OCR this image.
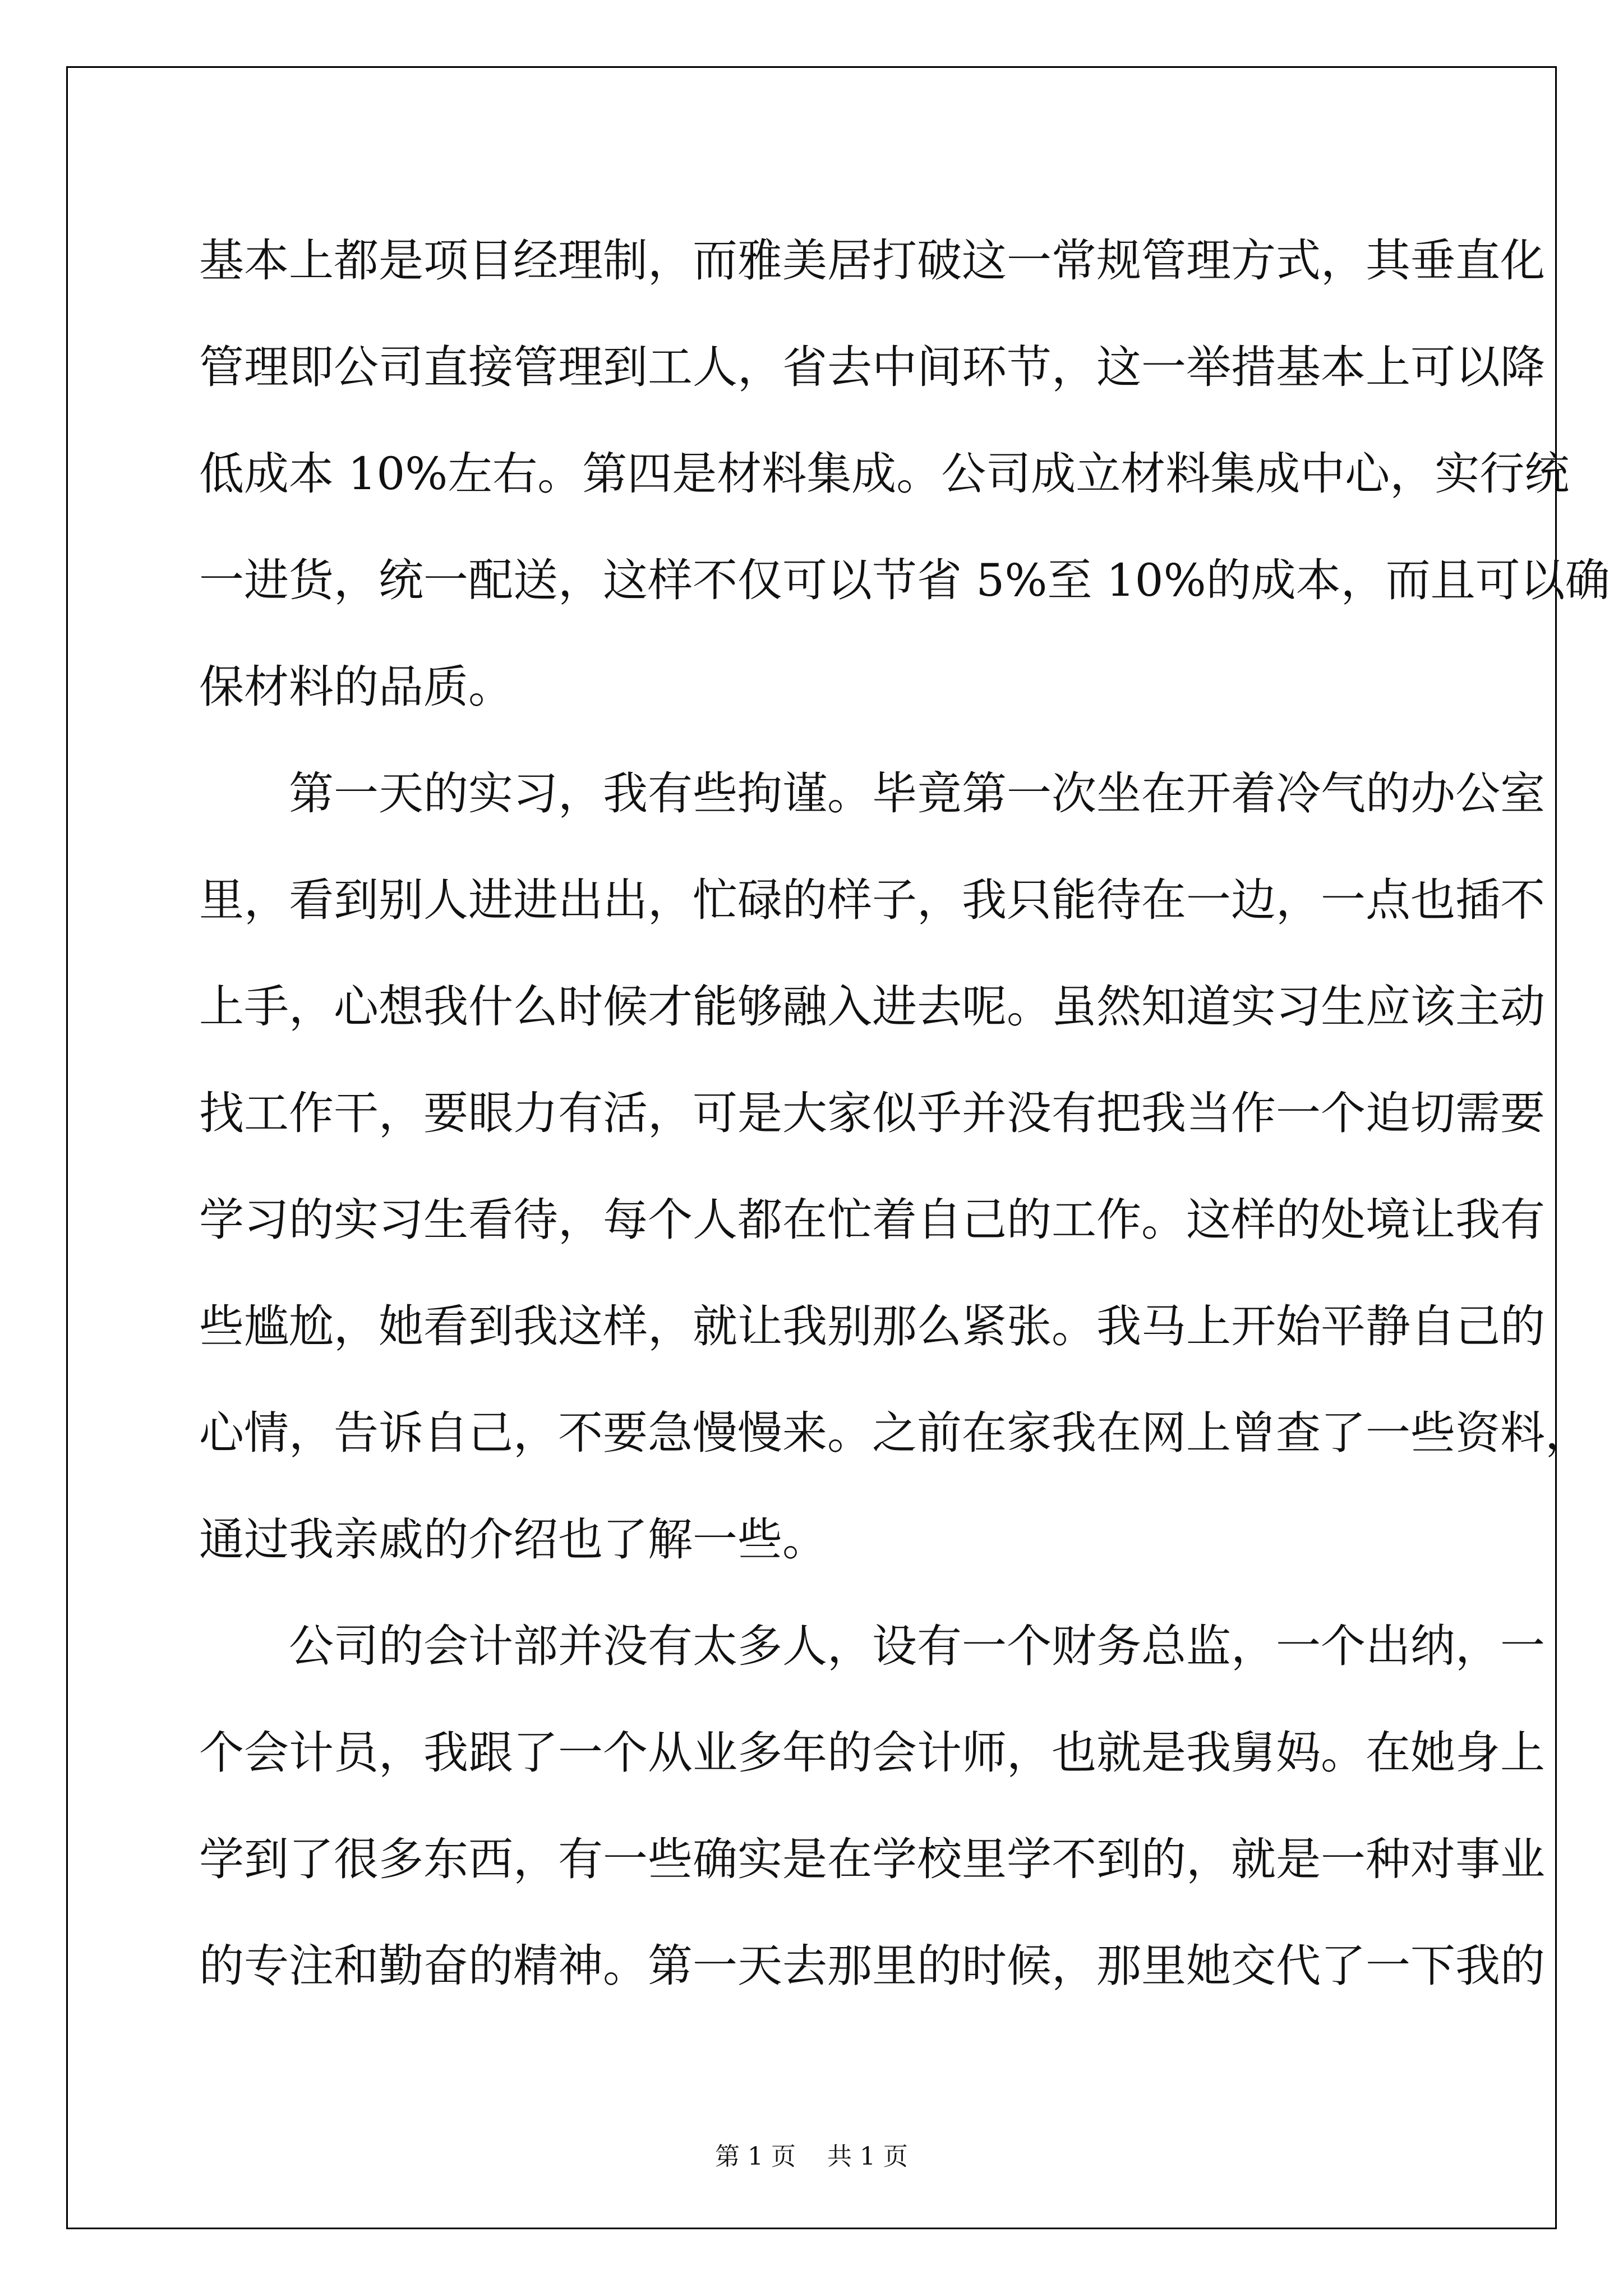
基本上都是项目经理制，而雅美居打破这一常规管理方式，其垂直化
管理即公司直接管理到工人，省去中间环节，这一举措基本上可以降
低成本 10%左右。第四是材料集成。公司成立材料集成中心，实行统
一进货，统一配送，这样不仅可以节省 5%至 10%的成本，而且可以确
保材料的品质。
第一天的实习，我有些拘谨。毕竟第一次坐在开着冷气的办公室
里，看到别人进进出出，忙碌的样子，我只能待在一边，一点也插不
上手，心想我什么时候才能够融入进去呢。虽然知道实习生应该主动
找工作干，要眼力有活，可是大家似乎并没有把我当作一个迫切需要
学习的实习生看待，每个人都在忙着自己的工作。这样的处境让我有
些尴尬，她看到我这样，就让我别那么紧张。我马上开始平静自己的
心情，告诉自己，不要急慢慢来。之前在家我在网上曾查了一些资料，
通过我亲戚的介绍也了解一些。
公司的会计部并没有太多人，设有一个财务总监，一个出纳，一
个会计员，我跟了一个从业多年的会计师，也就是我舅妈。在她身上
学到了很多东西，有一些确实是在学校里学不到的，就是一种对事业
的专注和勤奋的精神。第一天去那里的时候，那里她交代了一下我的
第 1 页    共 1 页
